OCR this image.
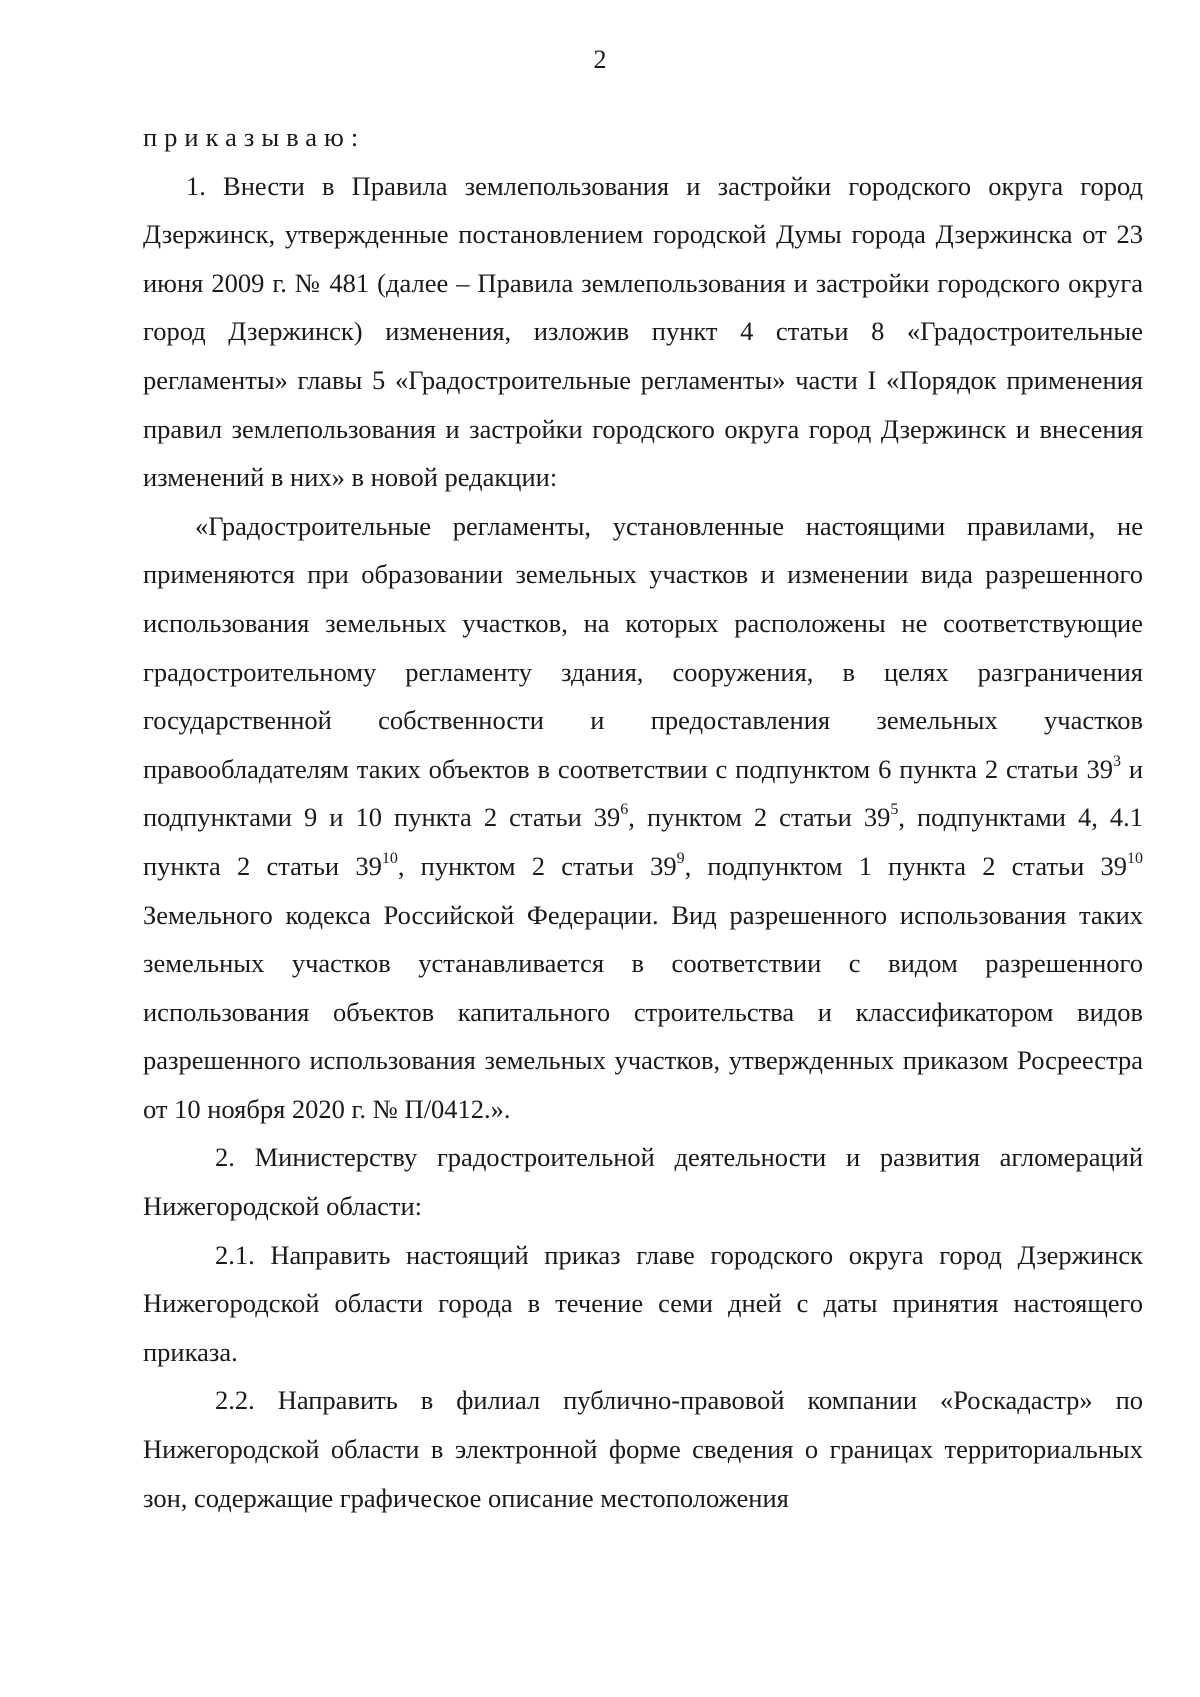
2

приказываю:

1. Внести в Правила землепользования и застройки городского округа город Дзержинск, утвержденные постановлением городской Думы города Дзержинска от 23 июня 2009 г. № 481 (далее – Правила землепользования и застройки городского округа город Дзержинск) изменения, изложив пункт 4 статьи 8 «Градостроительные регламенты» главы 5 «Градостроительные регламенты» части I «Порядок применения правил землепользования и застройки городского округа город Дзержинск и внесения изменений в них» в новой редакции:

«Градостроительные регламенты, установленные настоящими правилами, не применяются при образовании земельных участков и изменении вида разрешенного использования земельных участков, на которых расположены не соответствующие градостроительному регламенту здания, сооружения, в целях разграничения государственной собственности и предоставления земельных участков правообладателям таких объектов в соответствии с подпунктом 6 пункта 2 статьи $39^3$ и подпунктами 9 и 10 пункта 2 статьи $39^6$, пунктом 2 статьи $39^5$, подпунктами 4, 4.1 пункта 2 статьи $39^{10}$, пунктом 2 статьи $39^9$, подпунктом 1 пункта 2 статьи $39^{10}$ Земельного кодекса Российской Федерации. Вид разрешенного использования таких земельных участков устанавливается в соответствии с видом разрешенного использования объектов капитального строительства и классификатором видов разрешенного использования земельных участков, утвержденных приказом Росреестра от 10 ноября 2020 г. № П/0412.».

2. Министерству градостроительной деятельности и развития агломераций Нижегородской области:

2.1. Направить настоящий приказ главе городского округа город Дзержинск Нижегородской области города в течение семи дней с даты принятия настоящего приказа.

2.2. Направить в филиал публично-правовой компании «Роскадастр» по Нижегородской области в электронной форме сведения о границах территориальных зон, содержащие графическое описание местоположения
